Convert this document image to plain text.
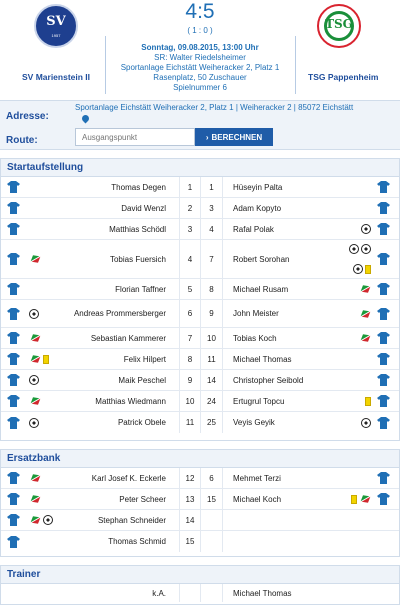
SV
1957
TSG
SV Marienstein II	TSG Pappenheim
4:5
( 1 : 0 )
Sonntag, 09.08.2015, 13:00 Uhr
SR: Walter Riedelsheimer
Sportanlage Eichstätt Weiheracker 2, Platz 1
Rasenplatz, 50 Zuschauer
Spielnummer 6
Adresse:
Sportanlage Eichstätt Weiheracker 2, Platz 1 | Weiheracker 2 | 85072 Eichstätt
Route:
Ausgangspunkt	› BERECHNEN
Startaufstellung
Thomas Degen	1	1	Hüseyin Palta
David Wenzl	2	3	Adam Kopyto
Matthias Schödl	3	4	Rafal Polak
Tobias Fuersich	4	7	Robert Sorohan
Florian Taffner	5	8	Michael Rusam
Andreas Prommersberger	6	9	John Meister
Sebastian Kammerer	7	10	Tobias Koch
Felix Hilpert	8	11	Michael Thomas
Maik Peschel	9	14	Christopher Seibold
Matthias Wiedmann	10	24	Ertugrul Topcu
Patrick Obele	11	25	Veyis Geyik
Ersatzbank
Karl Josef K. Eckerle	12	6	Mehmet Terzi
Peter Scheer	13	15	Michael Koch
Stephan Schneider	14
Thomas Schmid	15
Trainer
k.A.	Michael Thomas
